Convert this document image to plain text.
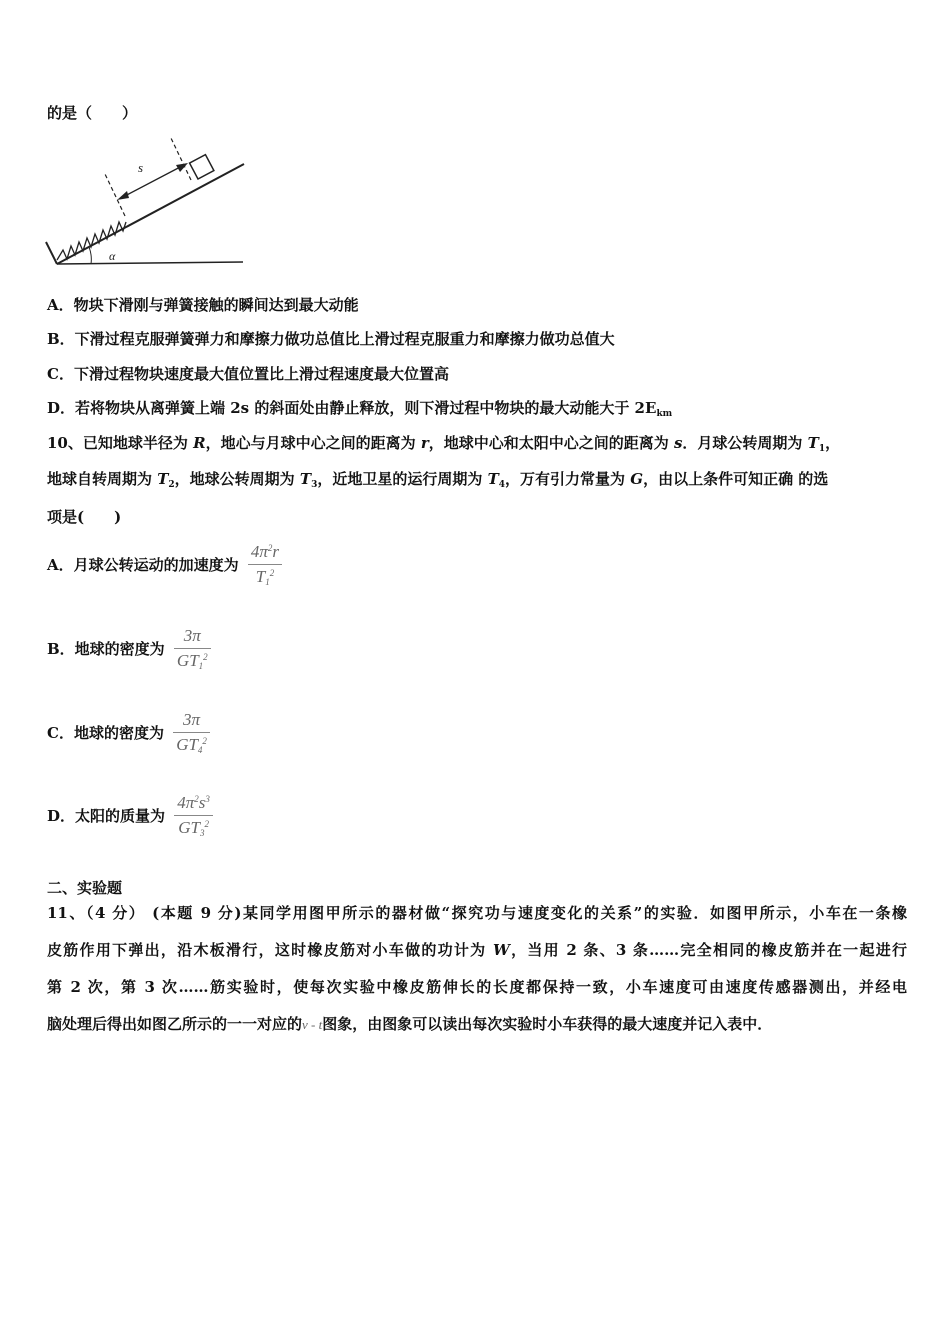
的是（　　）
α
s
A．物块下滑刚与弹簧接触的瞬间达到最大动能
B．下滑过程克服弹簧弹力和摩擦力做功总值比上滑过程克服重力和摩擦力做功总值大
C．下滑过程物块速度最大值位置比上滑过程速度最大位置高
D．若将物块从离弹簧上端 2s 的斜面处由静止释放，则下滑过程中物块的最大动能大于 $2E_{km}$
10、已知地球半径为 R，地心与月球中心之间的距离为 r，地球中心和太阳中心之间的距离为 s．月球公转周期为 $T_1$，
地球自转周期为 $T_2$，地球公转周期为 $T_3$，近地卫星的运行周期为 $T_4$，万有引力常量为 G，由以上条件可知正确 的选
项是(　　)
A．月球公转运动的加速度为 $\frac{4\pi^2r}{T_1^2}$
B．地球的密度为 $\frac{3\pi}{GT_1^2}$
C．地球的密度为 $\frac{3\pi}{GT_4^2}$
D．太阳的质量为 $\frac{4\pi^2s^3}{GT_3^2}$
二、实验题
11、（4 分） (本题 9 分)某同学用图甲所示的器材做“探究功与速度变化的关系”的实验．如图甲所示，小车在一条橡
皮筋作用下弹出，沿木板滑行，这时橡皮筋对小车做的功计为 W，当用 2 条、3 条……完全相同的橡皮筋并在一起进行
第 2 次，第 3 次……筋实验时，使每次实验中橡皮筋伸长的长度都保持一致，小车速度可由速度传感器测出，并经电
脑处理后得出如图乙所示的一一对应的v - t图象，由图象可以读出每次实验时小车获得的最大速度并记入表中．
